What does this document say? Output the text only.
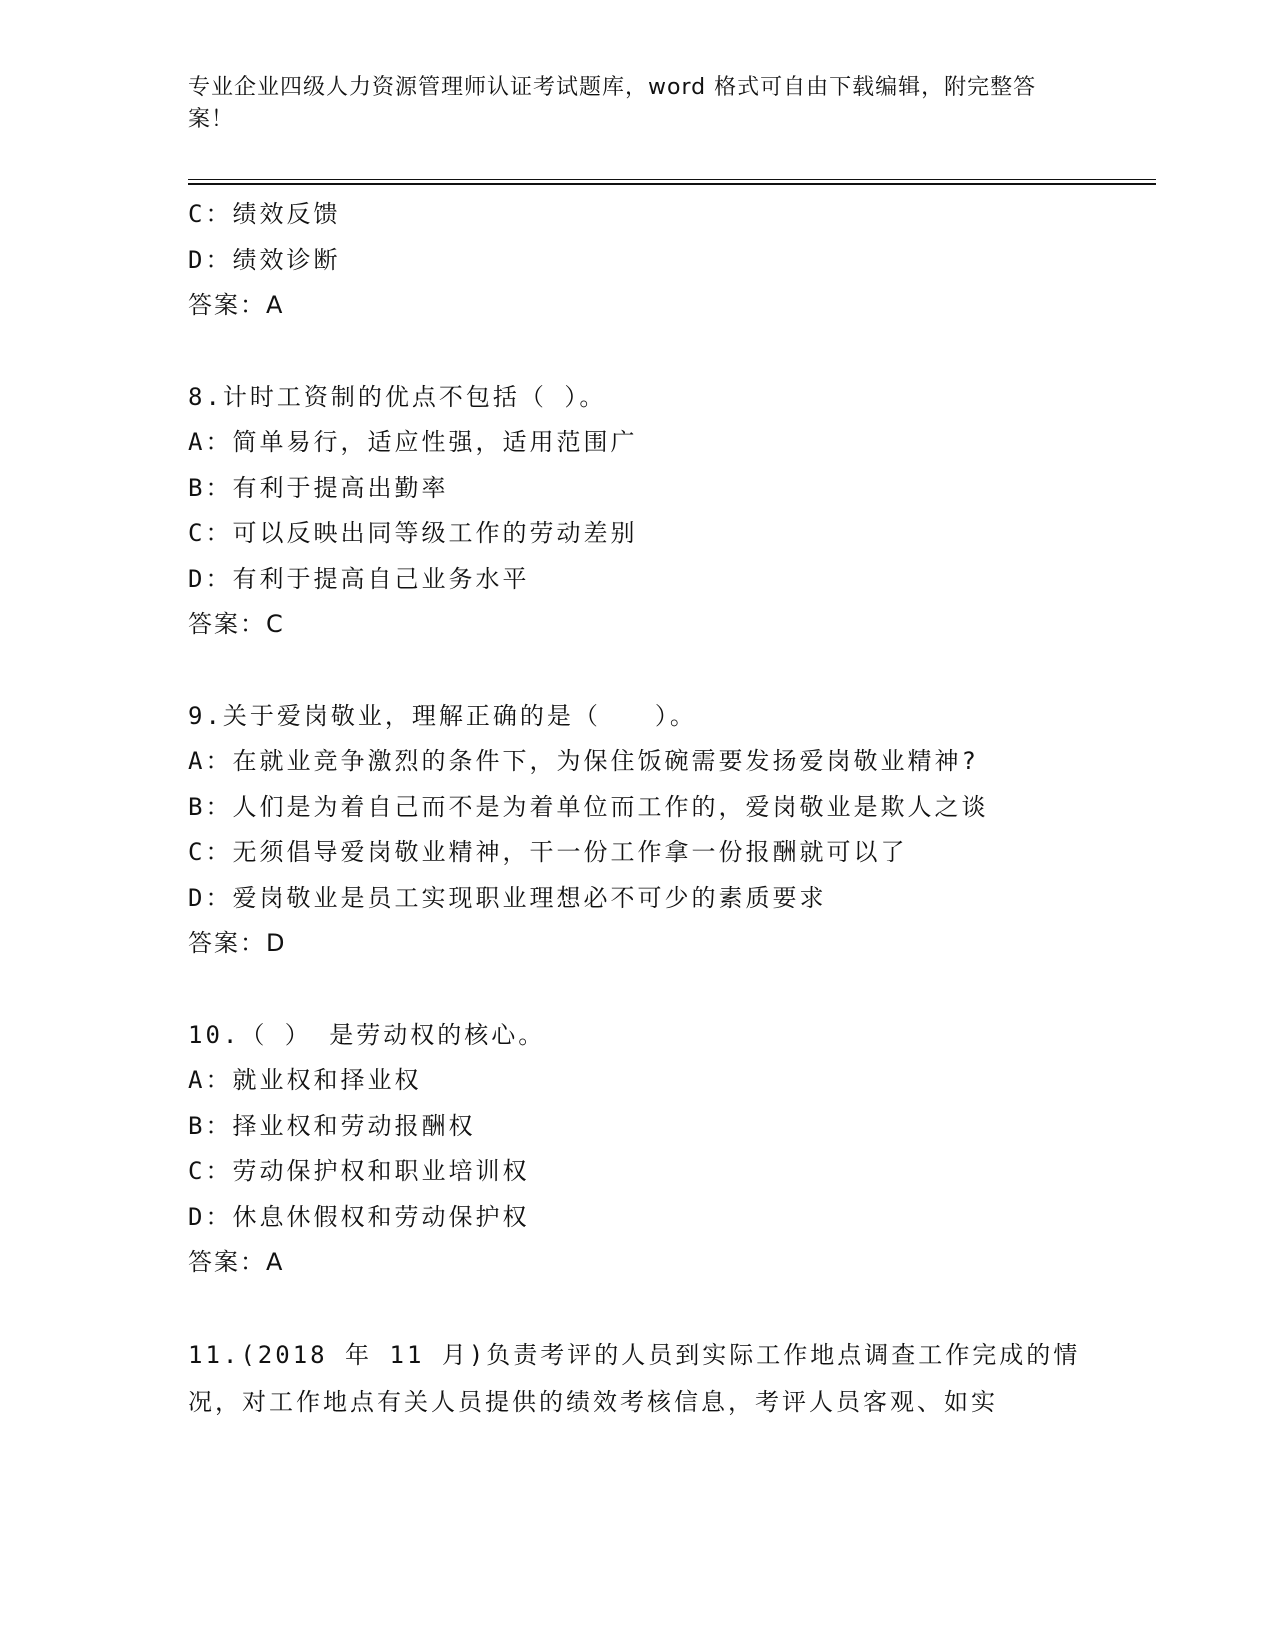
专业企业四级人力资源管理师认证考试题库，word 格式可自由下载编辑，附完整答案！
C：绩效反馈
D：绩效诊断
答案：A
8.计时工资制的优点不包括（ ）。
A：简单易行，适应性强，适用范围广
B：有利于提高出勤率
C：可以反映出同等级工作的劳动差别
D：有利于提高自己业务水平
答案：C
9.关于爱岗敬业，理解正确的是（　　）。
A：在就业竞争激烈的条件下，为保住饭碗需要发扬爱岗敬业精神?
B：人们是为着自己而不是为着单位而工作的，爱岗敬业是欺人之谈
C：无须倡导爱岗敬业精神，干一份工作拿一份报酬就可以了
D：爱岗敬业是员工实现职业理想必不可少的素质要求
答案：D
10.（ ） 是劳动权的核心。
A：就业权和择业权
B：择业权和劳动报酬权
C：劳动保护权和职业培训权
D：休息休假权和劳动保护权
答案：A
11.(2018 年 11 月)负责考评的人员到实际工作地点调查工作完成的情况，对工作地点有关人员提供的绩效考核信息，考评人员客观、如实
